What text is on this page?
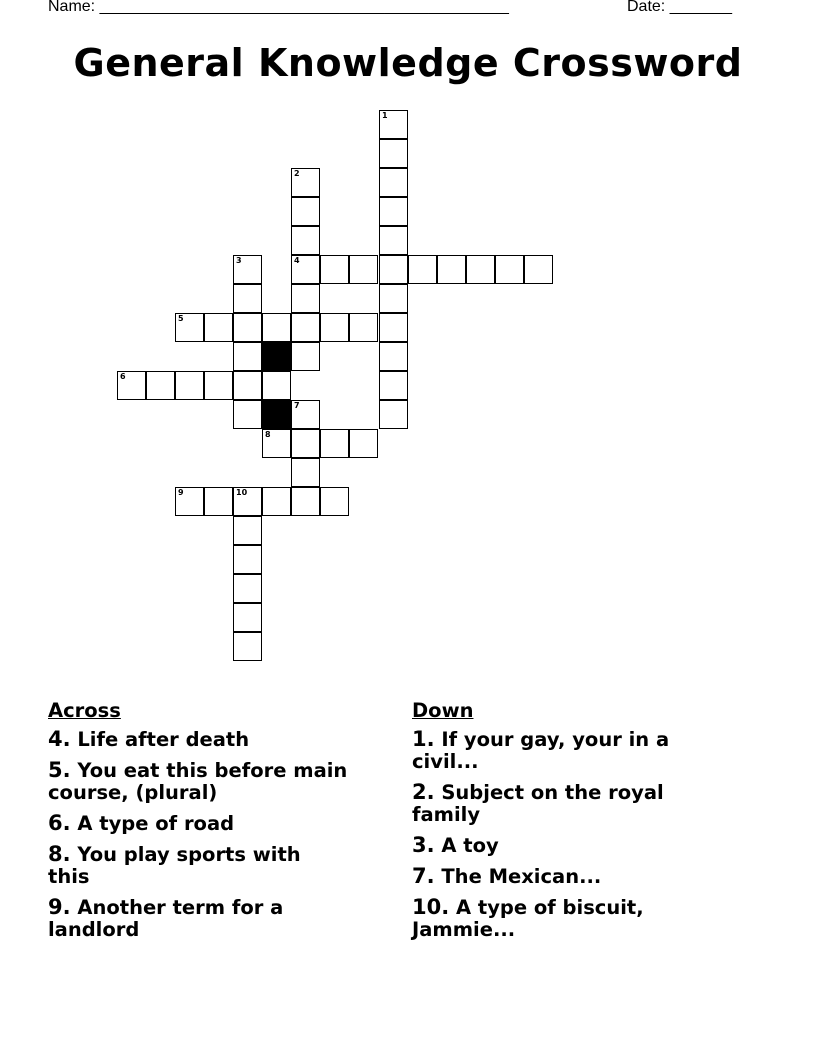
Name: ______________________________________________	Date: _______
General Knowledge Crossword
1
2
3	4
5
6
7
8
9	10
Across
4. Life after death
5. You eat this before main course, (plural)
6. A type of road
8. You play sports with this
9. Another term for a landlord
Down
1. If your gay, your in a civil...
2. Subject on the royal family
3. A toy
7. The Mexican...
10. A type of biscuit, Jammie...
